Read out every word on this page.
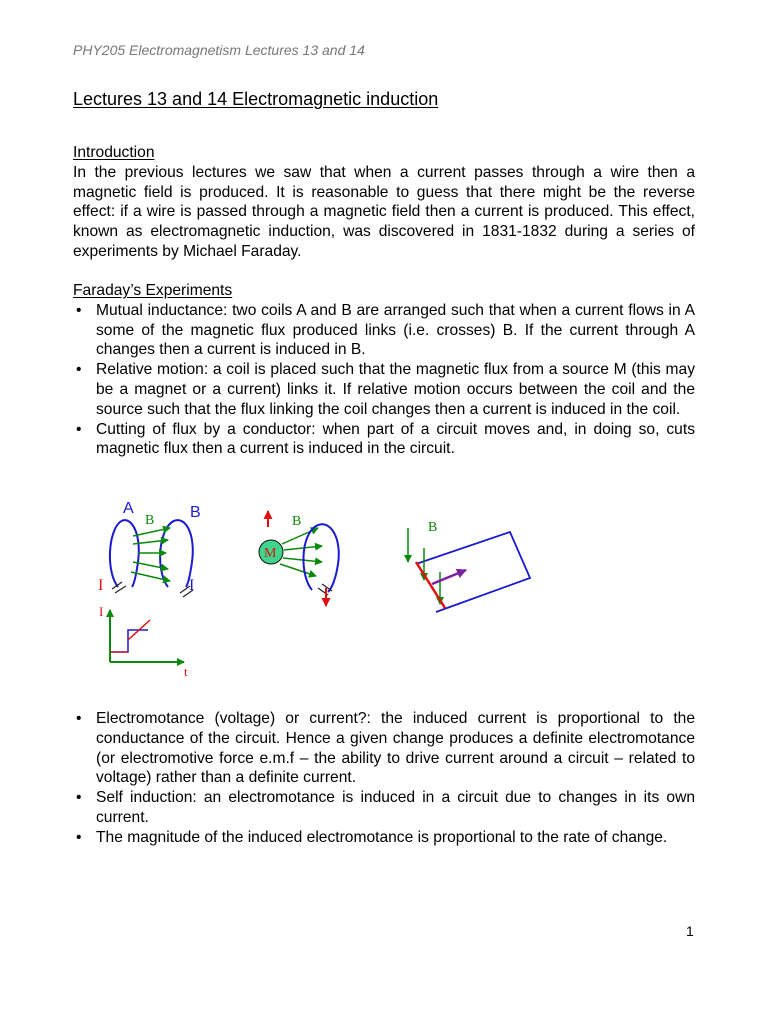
PHY205 Electromagnetism Lectures 13 and 14
Lectures 13 and 14 Electromagnetic induction
Introduction

In the previous lectures we saw that when a current passes through a wire then a magnetic field is produced. It is reasonable to guess that there might be the reverse effect: if a wire is passed through a magnetic field then a current is produced. This effect, known as electromagnetic induction, was discovered in 1831-1832 during a series of experiments by Michael Faraday.

Faraday’s Experiments
• Mutual inductance: two coils A and B are arranged such that when a current flows in A some of the magnetic flux produced links (i.e. crosses) B. If the current through A changes then a current is induced in B.
• Relative motion: a coil is placed such that the magnetic flux from a source M (this may be a magnet or a current) links it. If relative motion occurs between the coil and the source such that the flux linking the coil changes then a current is induced in the coil.
• Cutting of flux by a conductor: when part of a circuit moves and, in doing so, cuts magnetic flux then a current is induced in the circuit.
A	B
B
I	I
I
t
B
M
B
• Electromotance (voltage) or current?: the induced current is proportional to the conductance of the circuit. Hence a given change produces a definite electromotance (or electromotive force e.m.f – the ability to drive current around a circuit – related to voltage) rather than a definite current.
• Self induction: an electromotance is induced in a circuit due to changes in its own current.
• The magnitude of the induced electromotance is proportional to the rate of change.
1
